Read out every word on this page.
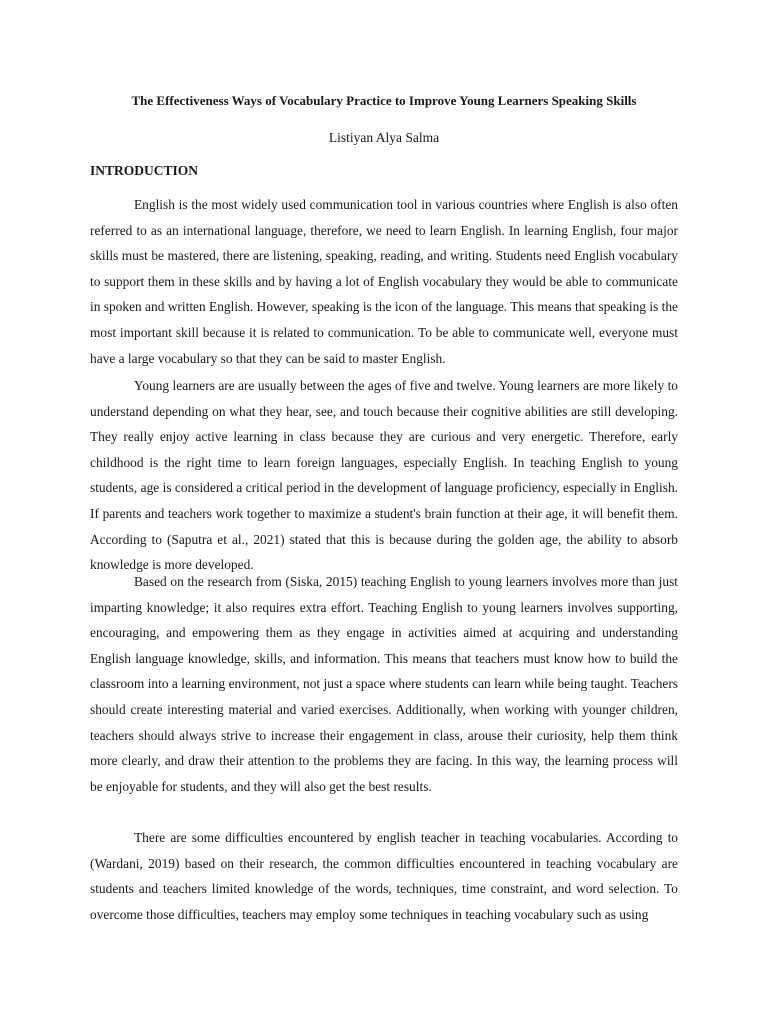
The Effectiveness Ways of Vocabulary Practice to Improve Young Learners Speaking Skills

Listiyan Alya Salma

INTRODUCTION

English is the most widely used communication tool in various countries where English is also often referred to as an international language, therefore, we need to learn English. In learning English, four major skills must be mastered, there are listening, speaking, reading, and writing. Students need English vocabulary to support them in these skills and by having a lot of English vocabulary they would be able to communicate in spoken and written English. However, speaking is the icon of the language. This means that speaking is the most important skill because it is related to communication. To be able to communicate well, everyone must have a large vocabulary so that they can be said to master English.

Young learners are are usually between the ages of five and twelve. Young learners are more likely to understand depending on what they hear, see, and touch because their cognitive abilities are still developing. They really enjoy active learning in class because they are curious and very energetic. Therefore, early childhood is the right time to learn foreign languages, especially English. In teaching English to young students, age is considered a critical period in the development of language proficiency, especially in English. If parents and teachers work together to maximize a student's brain function at their age, it will benefit them. According to (Saputra et al., 2021) stated that this is because during the golden age, the ability to absorb knowledge is more developed.

Based on the research from (Siska, 2015) teaching English to young learners involves more than just imparting knowledge; it also requires extra effort. Teaching English to young learners involves supporting, encouraging, and empowering them as they engage in activities aimed at acquiring and understanding English language knowledge, skills, and information. This means that teachers must know how to build the classroom into a learning environment, not just a space where students can learn while being taught. Teachers should create interesting material and varied exercises. Additionally, when working with younger children, teachers should always strive to increase their engagement in class, arouse their curiosity, help them think more clearly, and draw their attention to the problems they are facing. In this way, the learning process will be enjoyable for students, and they will also get the best results.

There are some difficulties encountered by english teacher in teaching vocabularies. According to (Wardani, 2019) based on their research, the common difficulties encountered in teaching vocabulary are students and teachers limited knowledge of the words, techniques, time constraint, and word selection. To overcome those difficulties, teachers may employ some techniques in teaching vocabulary such as using
